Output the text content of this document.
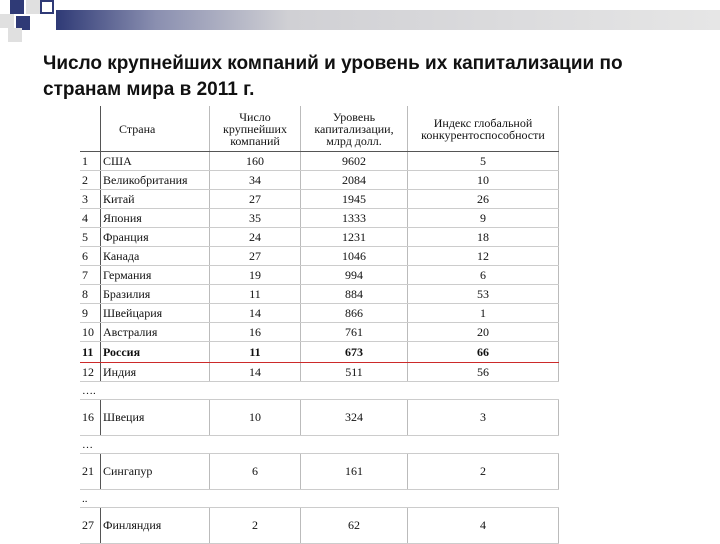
Число крупнейших компаний и уровень их капитализации по странам мира в 2011 г.
	Страна	Число крупнейших компаний	Уровень капитализации, млрд долл.	Индекс глобальной конкурентоспособности
1	США	160	9602	5
2	Великобритания	34	2084	10
3	Китай	27	1945	26
4	Япония	35	1333	9
5	Франция	24	1231	18
6	Канада	27	1046	12
7	Германия	19	994	6
8	Бразилия	11	884	53
9	Швейцария	14	866	1
10	Австралия	16	761	20
11	Россия	11	673	66
12	Индия	14	511	56
….				
16	Швеция	10	324	3
…				
21	Сингапур	6	161	2
..				
27	Финляндия	2	62	4
